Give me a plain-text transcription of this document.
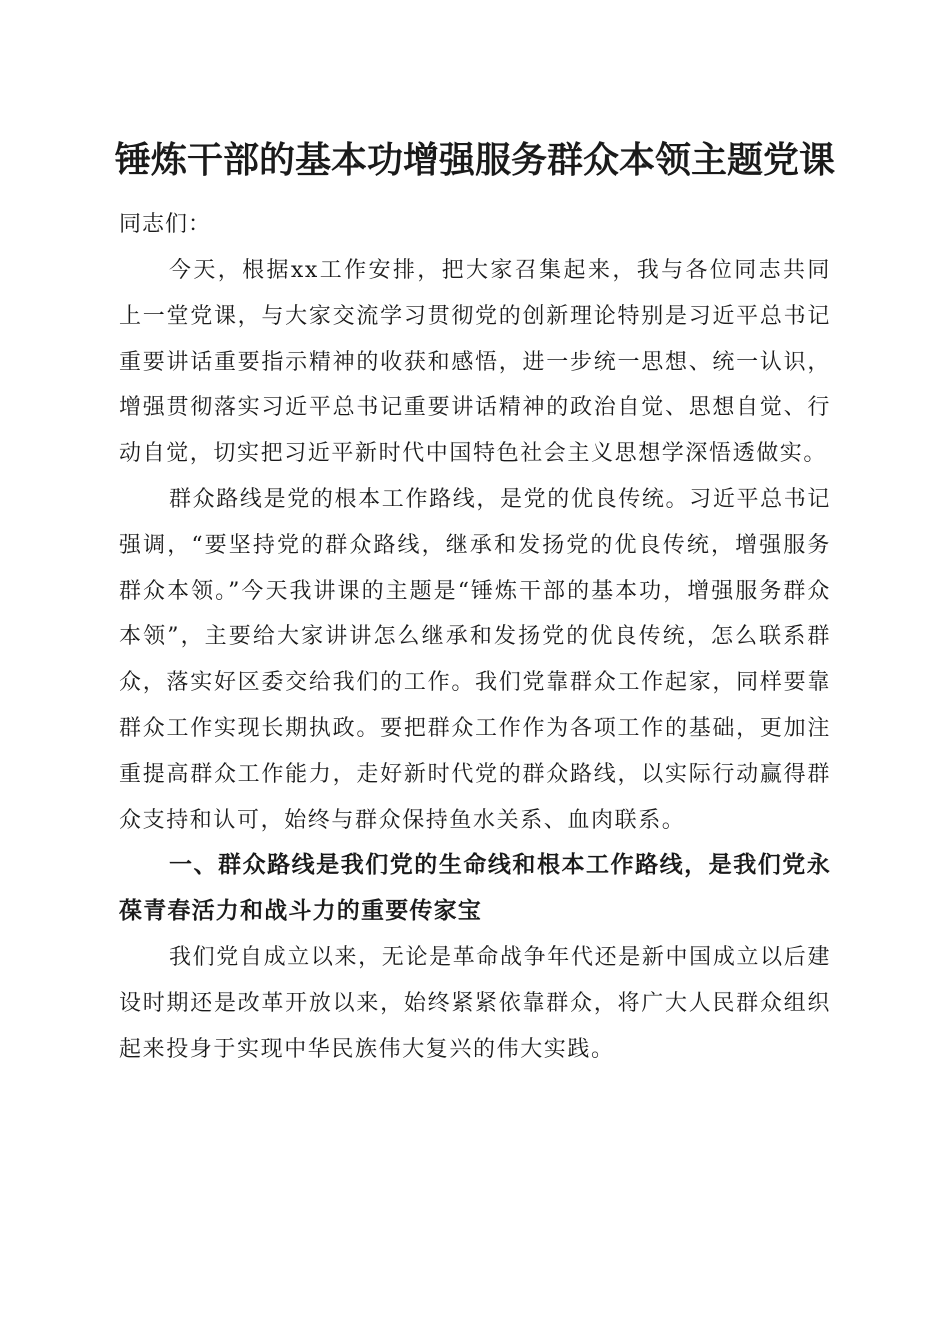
锤炼干部的基本功增强服务群众本领主题党课

同志们：

今天，根据xx工作安排，把大家召集起来，我与各位同志共同上一堂党课，与大家交流学习贯彻党的创新理论特别是习近平总书记重要讲话重要指示精神的收获和感悟，进一步统一思想、统一认识，增强贯彻落实习近平总书记重要讲话精神的政治自觉、思想自觉、行动自觉，切实把习近平新时代中国特色社会主义思想学深悟透做实。

群众路线是党的根本工作路线，是党的优良传统。习近平总书记强调，“要坚持党的群众路线，继承和发扬党的优良传统，增强服务群众本领。”今天我讲课的主题是“锤炼干部的基本功，增强服务群众本领”，主要给大家讲讲怎么继承和发扬党的优良传统，怎么联系群众，落实好区委交给我们的工作。我们党靠群众工作起家，同样要靠群众工作实现长期执政。要把群众工作作为各项工作的基础，更加注重提高群众工作能力，走好新时代党的群众路线，以实际行动赢得群众支持和认可，始终与群众保持鱼水关系、血肉联系。

一、群众路线是我们党的生命线和根本工作路线，是我们党永葆青春活力和战斗力的重要传家宝

我们党自成立以来，无论是革命战争年代还是新中国成立以后建设时期还是改革开放以来，始终紧紧依靠群众，将广大人民群众组织起来投身于实现中华民族伟大复兴的伟大实践。
